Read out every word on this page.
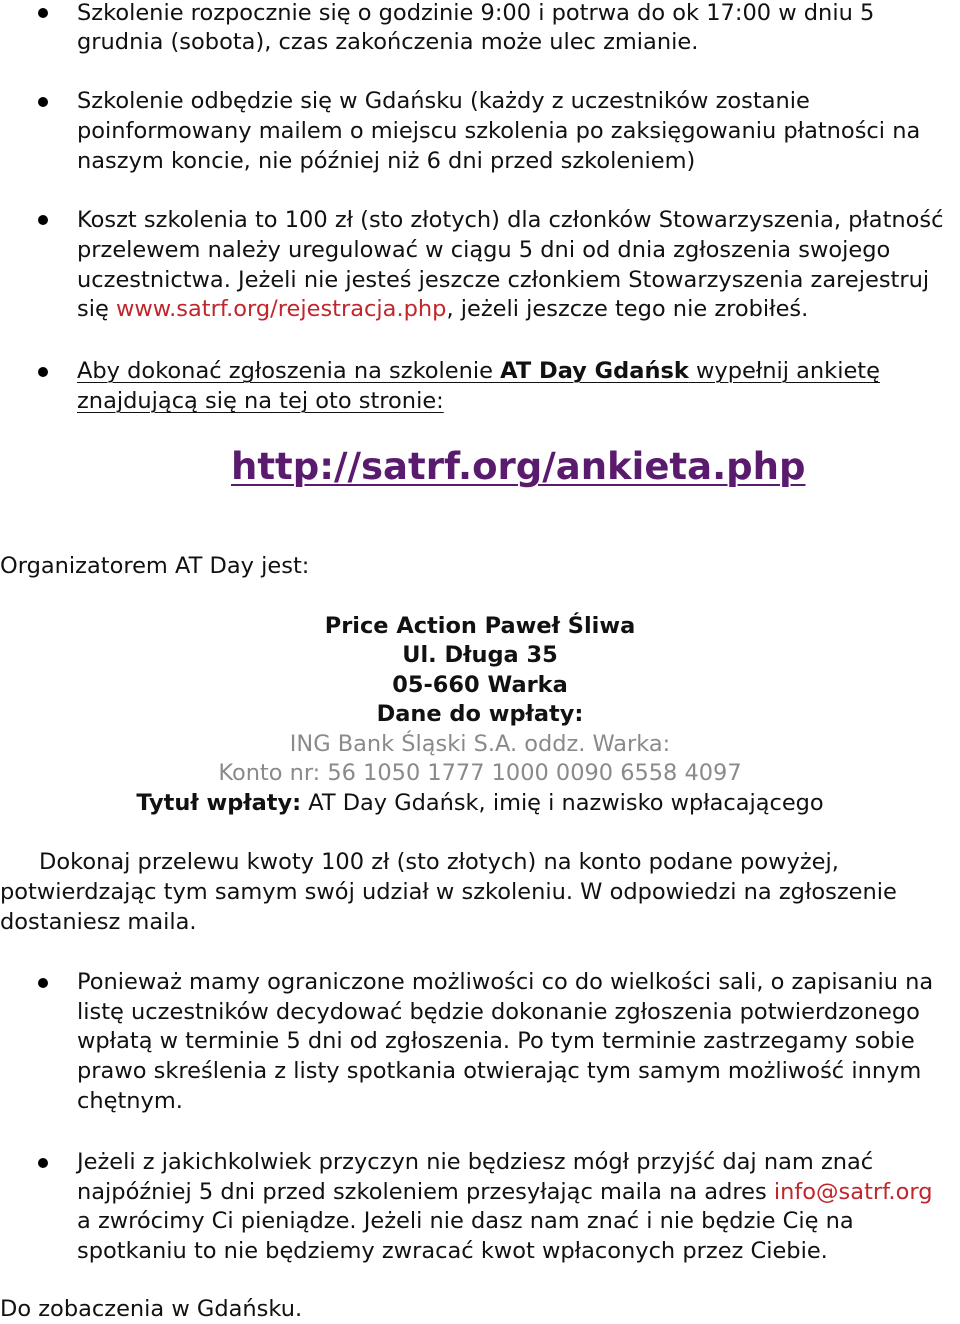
Szkolenie rozpocznie się o godzinie 9:00 i potrwa do ok 17:00 w dniu 5
grudnia (sobota), czas zakończenia może ulec zmianie.
Szkolenie odbędzie się w Gdańsku (każdy z uczestników zostanie
poinformowany mailem o miejscu szkolenia po zaksięgowaniu płatności na
naszym koncie, nie później niż 6 dni przed szkoleniem)
Koszt szkolenia to 100 zł (sto złotych) dla członków Stowarzyszenia, płatność
przelewem należy uregulować w ciągu 5 dni od dnia zgłoszenia swojego
uczestnictwa. Jeżeli nie jesteś jeszcze członkiem Stowarzyszenia zarejestruj
się www.satrf.org/rejestracja.php, jeżeli jeszcze tego nie zrobiłeś.
Aby dokonać zgłoszenia na szkolenie AT Day Gdańsk wypełnij ankietę
znajdującą się na tej oto stronie:
http://satrf.org/ankieta.php
Organizatorem AT Day jest:
Price Action Paweł Śliwa
Ul. Długa 35
05-660 Warka
Dane do wpłaty:
ING Bank Śląski S.A. oddz. Warka:
Konto nr: 56 1050 1777 1000 0090 6558 4097
Tytuł wpłaty: AT Day Gdańsk, imię i nazwisko wpłacającego
Dokonaj przelewu kwoty 100 zł (sto złotych) na konto podane powyżej,
potwierdzając tym samym swój udział w szkoleniu. W odpowiedzi na zgłoszenie
dostaniesz maila.
Ponieważ mamy ograniczone możliwości co do wielkości sali, o zapisaniu na
listę uczestników decydować będzie dokonanie zgłoszenia potwierdzonego
wpłatą w terminie 5 dni od zgłoszenia. Po tym terminie zastrzegamy sobie
prawo skreślenia z listy spotkania otwierając tym samym możliwość innym
chętnym.
Jeżeli z jakichkolwiek przyczyn nie będziesz mógł przyjść daj nam znać
najpóźniej 5 dni przed szkoleniem przesyłając maila na adres info@satrf.org
a zwrócimy Ci pieniądze. Jeżeli nie dasz nam znać i nie będzie Cię na
spotkaniu to nie będziemy zwracać kwot wpłaconych przez Ciebie.
Do zobaczenia w Gdańsku.
